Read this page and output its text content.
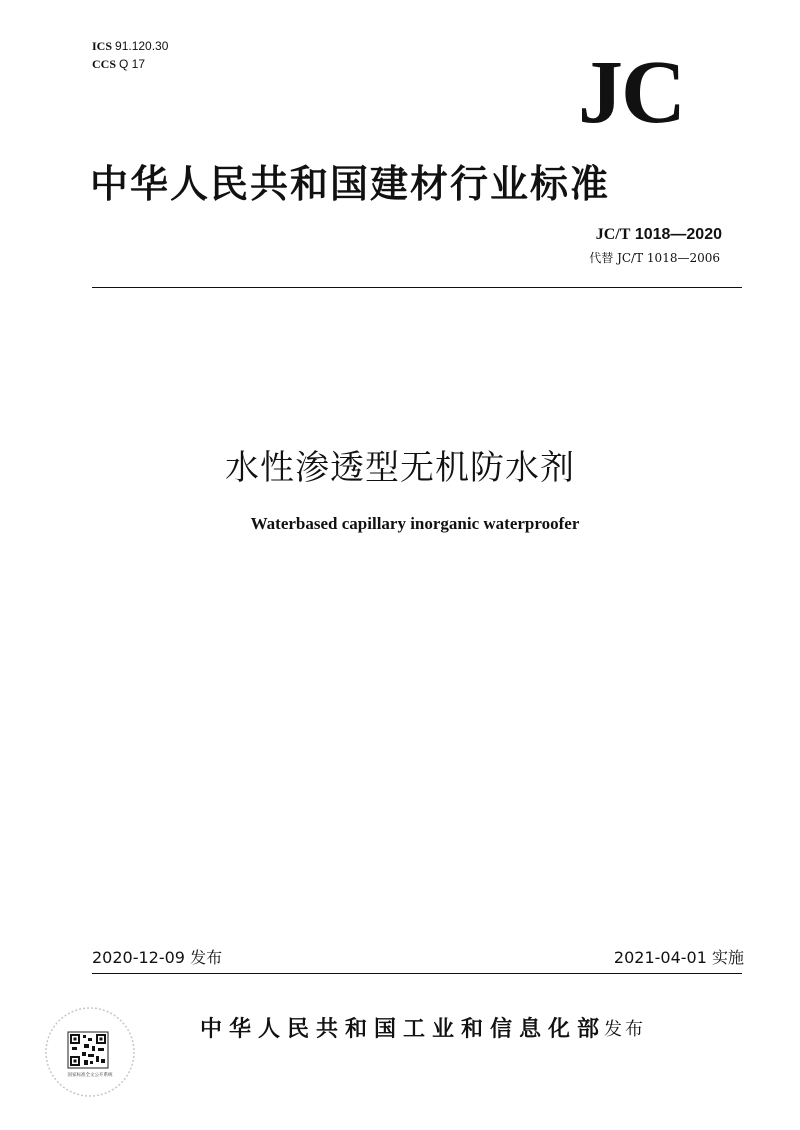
ICS 91.120.30
CCS Q 17	JC
中华人民共和国建材行业标准
JC/T 1018—2020
代替 JC/T 1018—2006
水性渗透型无机防水剂
Waterbased capillary inorganic waterproofer
2020-12-09 发布	2021-04-01 实施
中华人民共和国工业和信息化部
发布
国家标准全文公开系统
